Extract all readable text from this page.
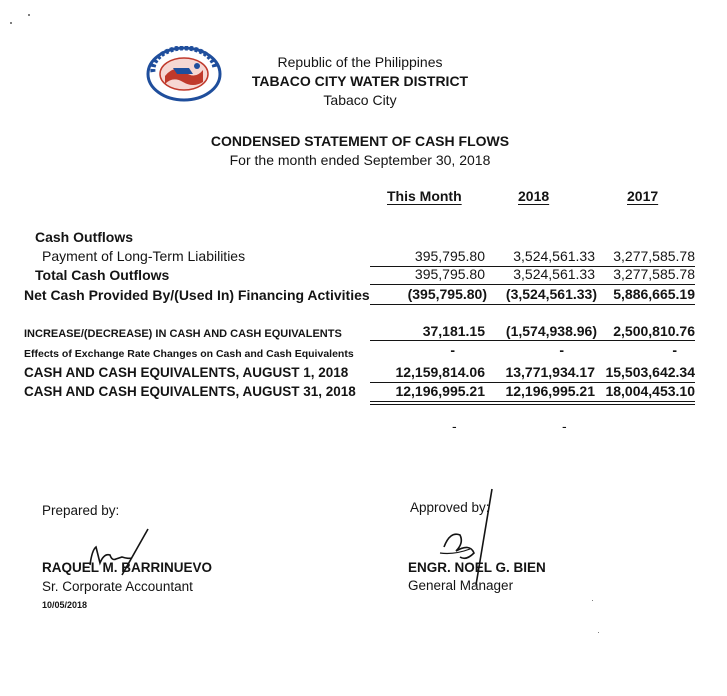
Republic of the Philippines
TABACO CITY WATER DISTRICT
Tabaco City
CONDENSED STATEMENT OF CASH FLOWS
For the month ended September 30, 2018
This Month	2018	2017
Cash Outflows
Payment of Long-Term Liabilities	395,795.80 3,524,561.33 3,277,585.78
Total Cash Outflows	395,795.80 3,524,561.33 3,277,585.78
Net Cash Provided By/(Used In) Financing Activities	(395,795.80) (3,524,561.33) 5,886,665.19
INCREASE/(DECREASE) IN CASH AND CASH EQUIVALENTS	37,181.15 (1,574,938.96) 2,500,810.76
Effects of Exchange Rate Changes on Cash and Cash Equivalents	-	-	-
CASH AND CASH EQUIVALENTS, AUGUST 1, 2018	12,159,814.06 13,771,934.17 15,503,642.34
CASH AND CASH EQUIVALENTS, AUGUST 31, 2018	12,196,995.21 12,196,995.21 18,004,453.10
-	-
Prepared by:
RAQUEL M. BARRINUEVO
Sr. Corporate Accountant
10/05/2018
Approved by:
ENGR. NOEL G. BIEN
General Manager
